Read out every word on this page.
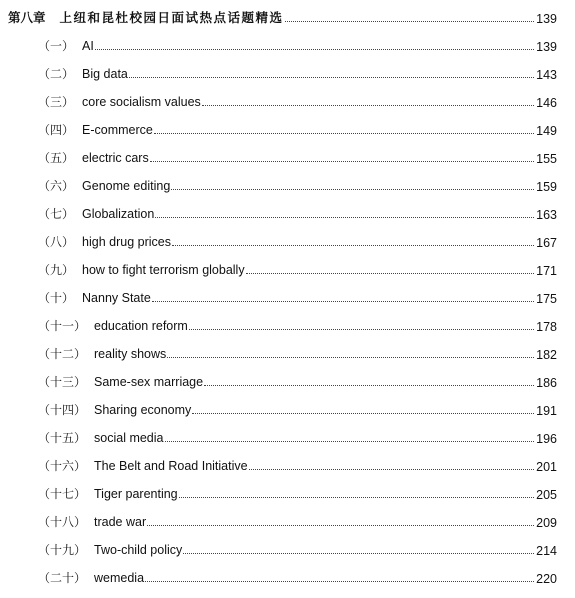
第八章 上纽和昆杜校园日面试热点话题精选	139
（一） AI	139
（二） Big data	143
（三） core socialism values	146
（四） E-commerce	149
（五） electric cars	155
（六） Genome editing	159
（七） Globalization	163
（八） high drug prices	167
（九） how to fight terrorism globally	171
（十） Nanny State	175
（十一） education reform	178
（十二） reality shows	182
（十三） Same-sex marriage	186
（十四） Sharing economy	191
（十五） social media	196
（十六） The Belt and Road Initiative	201
（十七） Tiger parenting	205
（十八） trade war	209
（十九） Two-child policy	214
（二十） wemedia	220
